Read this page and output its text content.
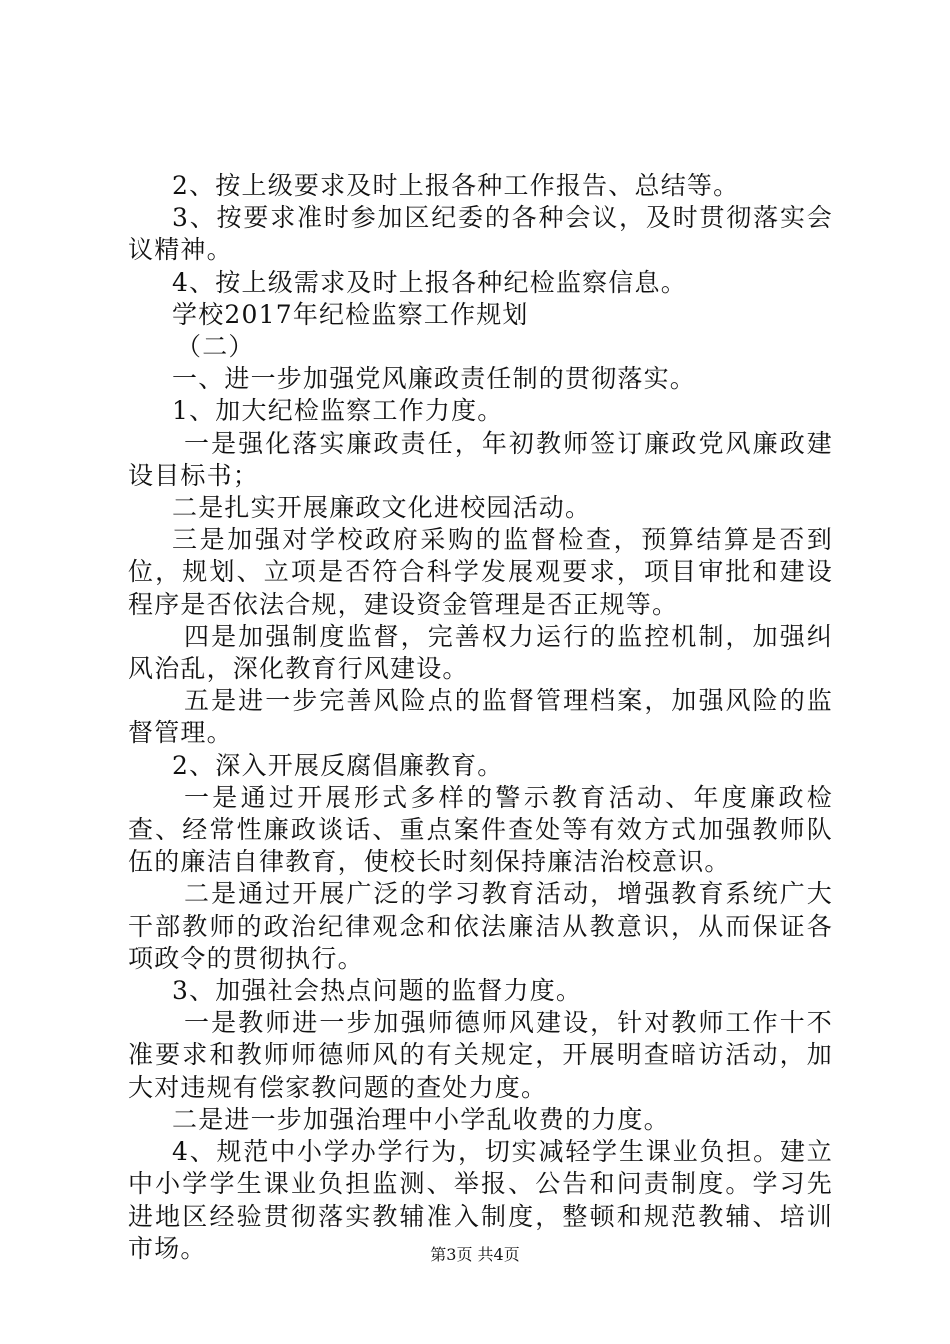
2、按上级要求及时上报各种工作报告、总结等。

3、按要求准时参加区纪委的各种会议，及时贯彻落实会议精神。

4、按上级需求及时上报各种纪检监察信息。

学校2017年纪检监察工作规划

（二）

一、进一步加强党风廉政责任制的贯彻落实。

1、加大纪检监察工作力度。

一是强化落实廉政责任，年初教师签订廉政党风廉政建设目标书；

二是扎实开展廉政文化进校园活动。

三是加强对学校政府采购的监督检查，预算结算是否到位，规划、立项是否符合科学发展观要求，项目审批和建设程序是否依法合规，建设资金管理是否正规等。

四是加强制度监督，完善权力运行的监控机制，加强纠风治乱，深化教育行风建设。

五是进一步完善风险点的监督管理档案，加强风险的监督管理。

2、深入开展反腐倡廉教育。

一是通过开展形式多样的警示教育活动、年度廉政检查、经常性廉政谈话、重点案件查处等有效方式加强教师队伍的廉洁自律教育，使校长时刻保持廉洁治校意识。

二是通过开展广泛的学习教育活动，增强教育系统广大干部教师的政治纪律观念和依法廉洁从教意识，从而保证各项政令的贯彻执行。

3、加强社会热点问题的监督力度。

一是教师进一步加强师德师风建设，针对教师工作十不准要求和教师师德师风的有关规定，开展明查暗访活动，加大对违规有偿家教问题的查处力度。

二是进一步加强治理中小学乱收费的力度。

4、规范中小学办学行为，切实减轻学生课业负担。建立中小学学生课业负担监测、举报、公告和问责制度。学习先进地区经验贯彻落实教辅准入制度，整顿和规范教辅、培训市场。	第3页 共4页
